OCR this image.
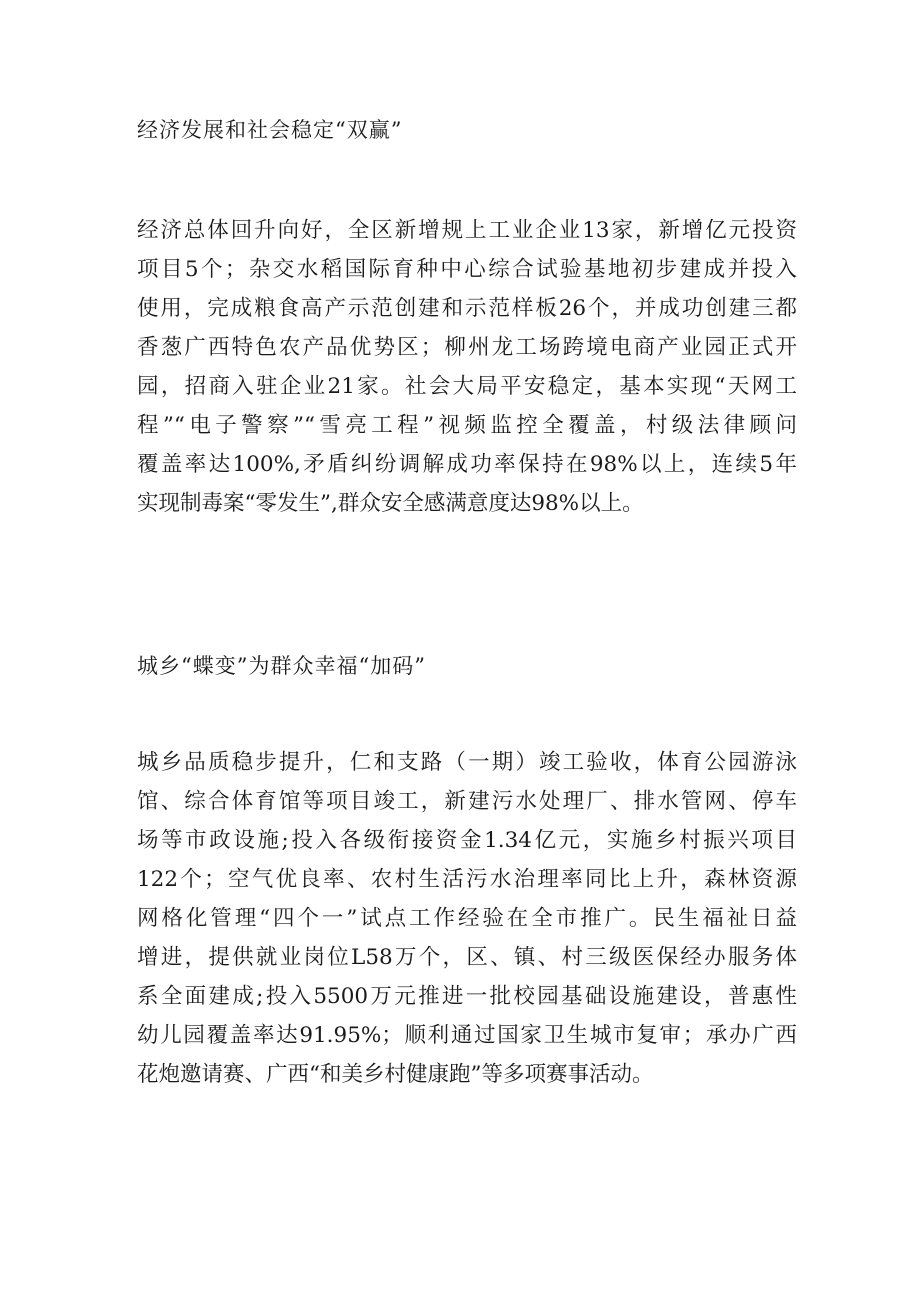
经济发展和社会稳定“双赢”
经济总体回升向好，全区新增规上工业企业13家，新增亿元投资
项目5个；杂交水稻国际育种中心综合试验基地初步建成并投入
使用，完成粮食高产示范创建和示范样板26个，并成功创建三都
香葱广西特色农产品优势区；柳州龙工场跨境电商产业园正式开
园，招商入驻企业21家。社会大局平安稳定，基本实现“天网工
程”“电子警察”“雪亮工程”视频监控全覆盖，村级法律顾问
覆盖率达100%,矛盾纠纷调解成功率保持在98%以上，连续5年
实现制毒案“零发生”,群众安全感满意度达98%以上。
城乡“蝶变”为群众幸福“加码”
城乡品质稳步提升，仁和支路（一期）竣工验收，体育公园游泳
馆、综合体育馆等项目竣工，新建污水处理厂、排水管网、停车
场等市政设施;投入各级衔接资金1.34亿元，实施乡村振兴项目
122个；空气优良率、农村生活污水治理率同比上升，森林资源
网格化管理“四个一”试点工作经验在全市推广。民生福祉日益
增进，提供就业岗位L58万个，区、镇、村三级医保经办服务体
系全面建成;投入5500万元推进一批校园基础设施建设，普惠性
幼儿园覆盖率达91.95%；顺利通过国家卫生城市复审；承办广西
花炮邀请赛、广西“和美乡村健康跑”等多项赛事活动。
